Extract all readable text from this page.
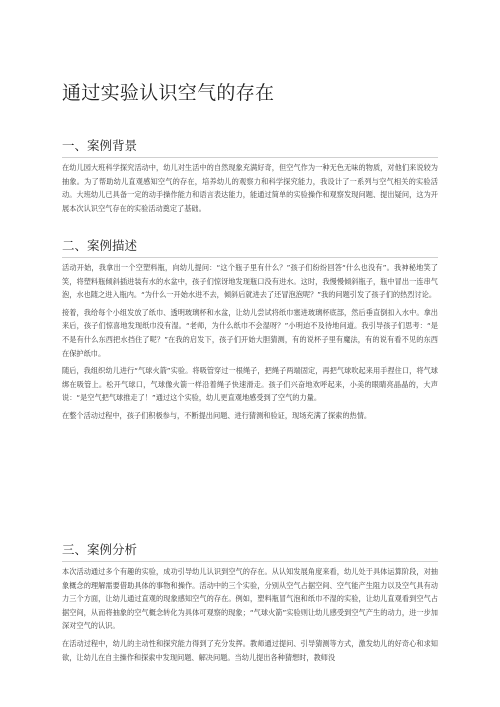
通过实验认识空气的存在
一、案例背景

在幼儿园大班科学探究活动中，幼儿对生活中的自然现象充满好奇，但空气作为一种无色无味的物质，对他们来说较为抽象。为了帮助幼儿直观感知空气的存在，培养幼儿的观察力和科学探究能力，我设计了一系列与空气相关的实验活动。大班幼儿已具备一定的动手操作能力和语言表达能力，能通过简单的实验操作和观察发现问题、提出疑问，这为开展本次认识空气存在的实验活动奠定了基础。

二、案例描述

活动开始，我拿出一个空塑料瓶，向幼儿提问：“这个瓶子里有什么？”孩子们纷纷回答“什么也没有”。我神秘地笑了笑，将塑料瓶倾斜插进装有水的水盆中，孩子们惊讶地发现瓶口没有进水。这时，我慢慢倾斜瓶子，瓶中冒出一连串气泡，水也随之进入瓶内。“为什么一开始水进不去，倾斜后就进去了还冒泡泡呢？”我的问题引发了孩子们的热烈讨论。

接着，我给每个小组发放了纸巾、透明玻璃杯和水盆，让幼儿尝试将纸巾塞进玻璃杯底部，然后垂直倒扣入水中。拿出来后，孩子们惊喜地发现纸巾没有湿。“老师，为什么纸巾不会湿呀？”小明迫不及待地问道。我引导孩子们思考：“是不是有什么东西把水挡住了呢？”在我的启发下，孩子们开始大胆猜测，有的说杯子里有魔法，有的说有看不见的东西在保护纸巾。

随后，我组织幼儿进行“气球火箭”实验。将吸管穿过一根绳子，把绳子两端固定，再把气球吹起来用手捏住口，将气球绑在吸管上。松开气球口，气球像火箭一样沿着绳子快速滑走。孩子们兴奋地欢呼起来，小美的眼睛亮晶晶的，大声说：“是空气把气球推走了！”通过这个实验，幼儿更直观地感受到了空气的力量。

在整个活动过程中，孩子们积极参与，不断提出问题、进行猜测和验证，现场充满了探索的热情。

三、案例分析

本次活动通过多个有趣的实验，成功引导幼儿认识到空气的存在。从认知发展角度来看，幼儿处于具体运算阶段，对抽象概念的理解需要借助具体的事物和操作。活动中的三个实验，分别从空气占据空间、空气能产生阻力以及空气具有动力三个方面，让幼儿通过直观的现象感知空气的存在。例如，塑料瓶冒气泡和纸巾不湿的实验，让幼儿直观看到空气占据空间，从而将抽象的空气概念转化为具体可观察的现象；“气球火箭”实验则让幼儿感受到空气产生的动力，进一步加深对空气的认识。

在活动过程中，幼儿的主动性和探究能力得到了充分发挥。教师通过提问、引导猜测等方式，激发幼儿的好奇心和求知欲，让幼儿在自主操作和探索中发现问题、解决问题。当幼儿提出各种猜想时，教师没
